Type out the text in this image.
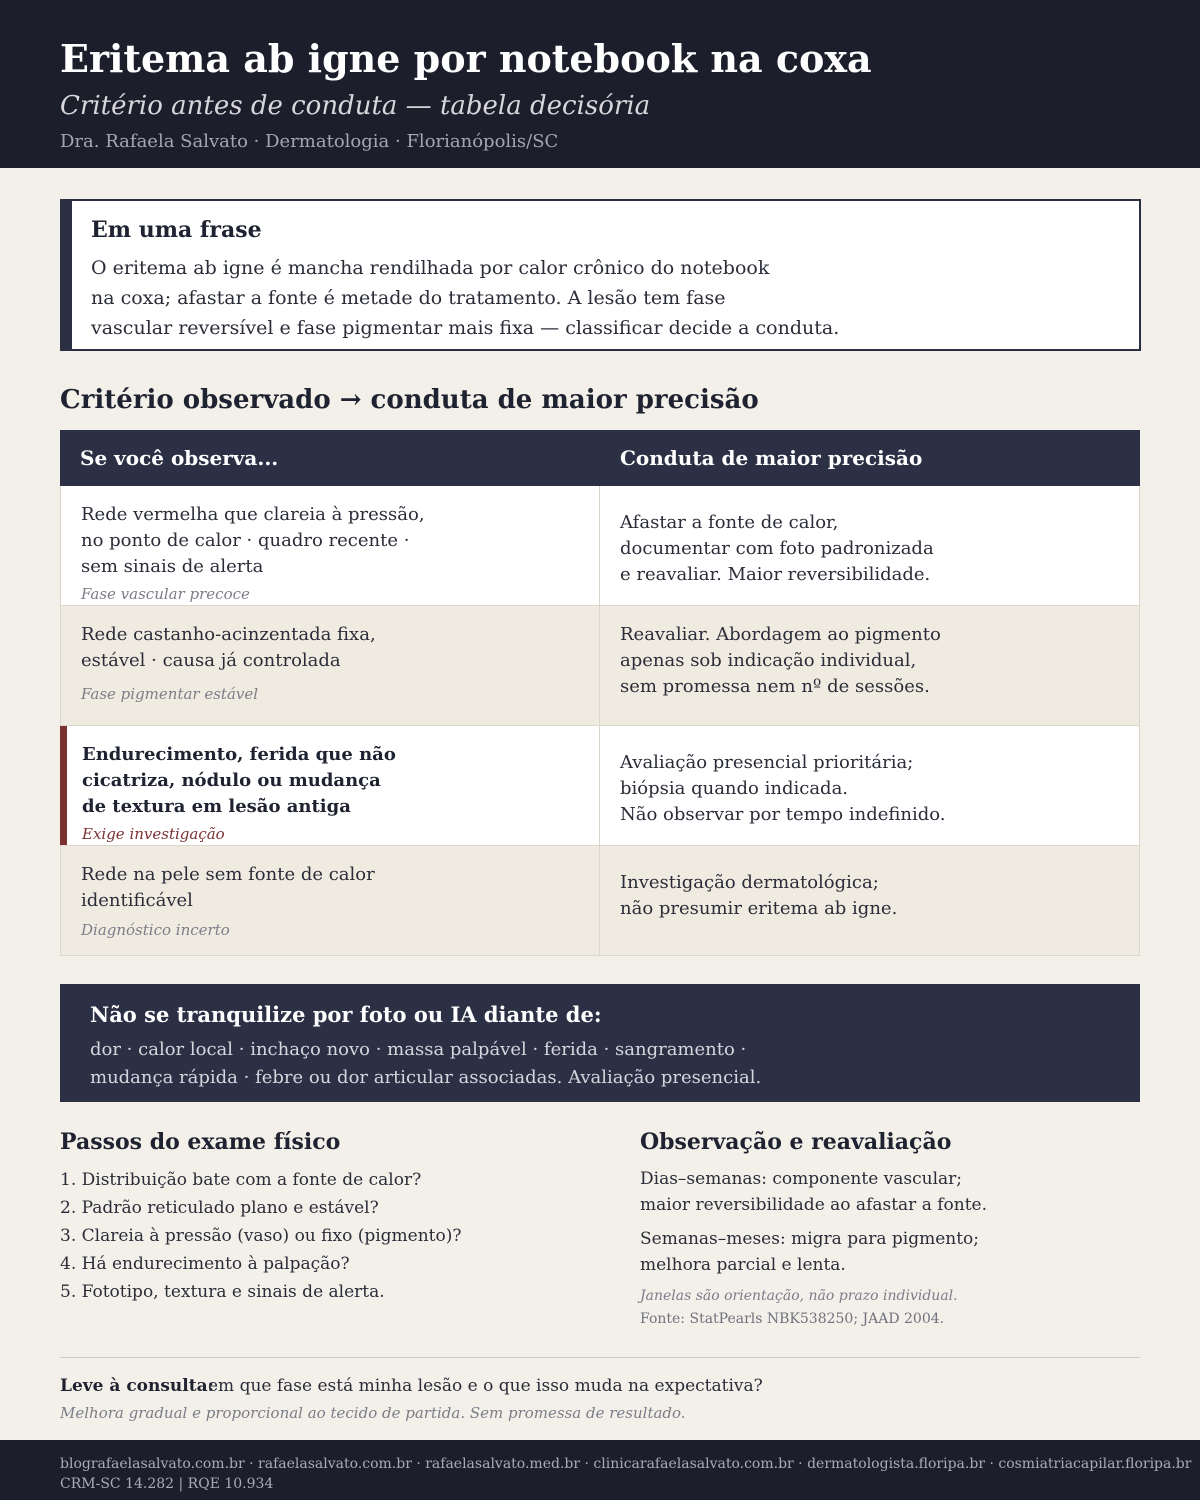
Eritema ab igne por notebook na coxa
Critério antes de conduta — tabela decisória
Dra. Rafaela Salvato · Dermatologia · Florianópolis/SC
Em uma frase
O eritema ab igne é mancha rendilhada por calor crônico do notebook
na coxa; afastar a fonte é metade do tratamento. A lesão tem fase
vascular reversível e fase pigmentar mais fixa — classificar decide a conduta.
Critério observado → conduta de maior precisão
Se você observa...	Conduta de maior precisão
Rede vermelha que clareia à pressão,
no ponto de calor · quadro recente ·
sem sinais de alerta
Fase vascular precoce
Afastar a fonte de calor,
documentar com foto padronizada
e reavaliar. Maior reversibilidade.
Rede castanho-acinzentada fixa,
estável · causa já controlada
Fase pigmentar estável
Reavaliar. Abordagem ao pigmento
apenas sob indicação individual,
sem promessa nem nº de sessões.
Endurecimento, ferida que não
cicatriza, nódulo ou mudança
de textura em lesão antiga
Exige investigação
Avaliação presencial prioritária;
biópsia quando indicada.
Não observar por tempo indefinido.
Rede na pele sem fonte de calor
identificável
Diagnóstico incerto
Investigação dermatológica;
não presumir eritema ab igne.
Não se tranquilize por foto ou IA diante de:
dor · calor local · inchaço novo · massa palpável · ferida · sangramento ·
mudança rápida · febre ou dor articular associadas. Avaliação presencial.
Passos do exame físico
1. Distribuição bate com a fonte de calor?
2. Padrão reticulado plano e estável?
3. Clareia à pressão (vaso) ou fixo (pigmento)?
4. Há endurecimento à palpação?
5. Fototipo, textura e sinais de alerta.
Observação e reavaliação
Dias–semanas: componente vascular;
maior reversibilidade ao afastar a fonte.
Semanas–meses: migra para pigmento;
melhora parcial e lenta.
Janelas são orientação, não prazo individual.
Fonte: StatPearls NBK538250; JAAD 2004.
em que fase está minha lesão e o que isso muda na expectativa?
Leve à consulta:
Melhora gradual e proporcional ao tecido de partida. Sem promessa de resultado.
blografaelasalvato.com.br · rafaelasalvato.com.br · rafaelasalvato.med.br · clinicarafaelasalvato.com.br · dermatologista.floripa.br · cosmiatriacapilar.floripa.br
CRM-SC 14.282 | RQE 10.934
